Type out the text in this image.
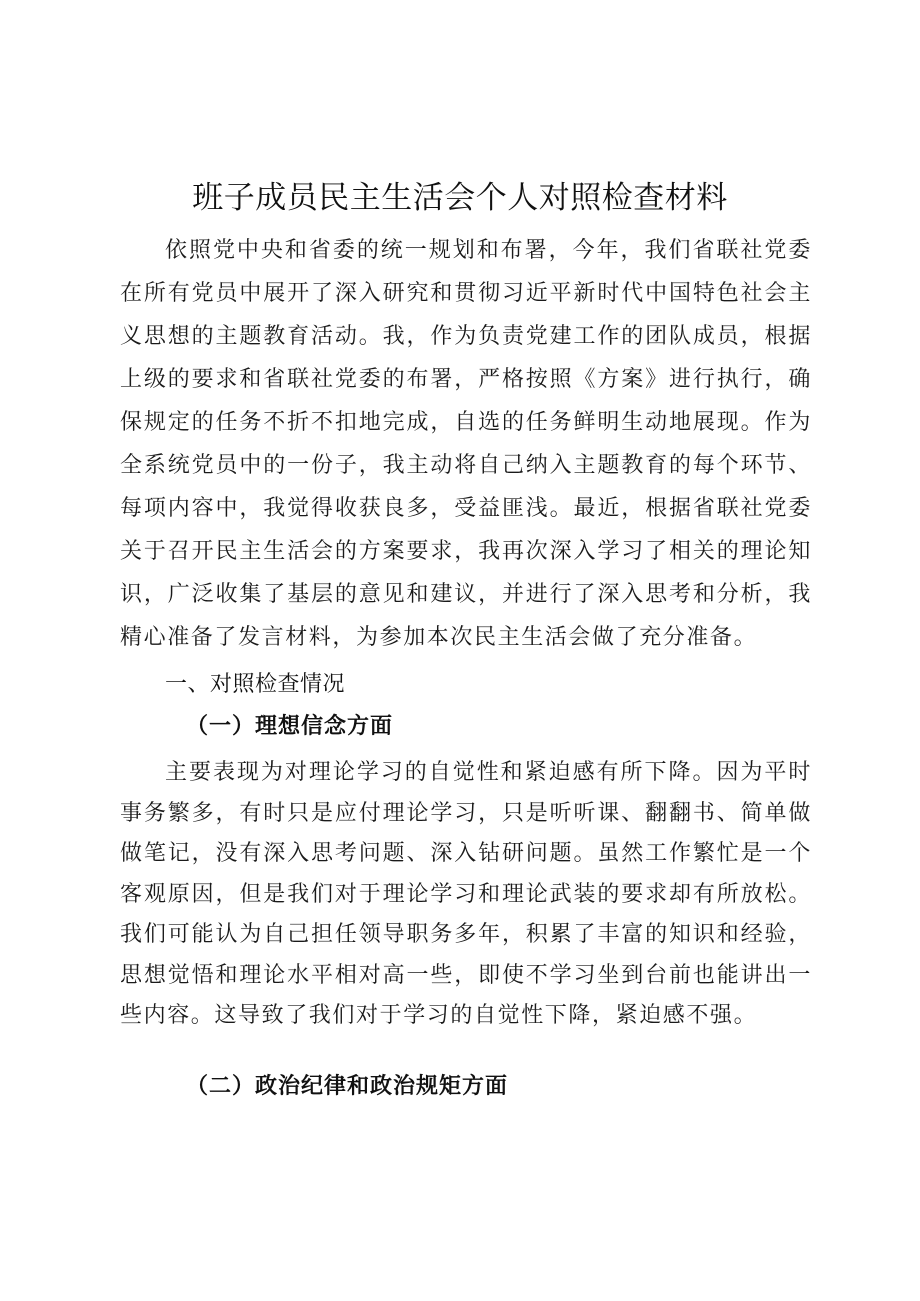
班子成员民主生活会个人对照检查材料

依照党中央和省委的统一规划和布署，今年，我们省联社党委在所有党员中展开了深入研究和贯彻习近平新时代中国特色社会主义思想的主题教育活动。我，作为负责党建工作的团队成员，根据上级的要求和省联社党委的布署，严格按照《方案》进行执行，确保规定的任务不折不扣地完成，自选的任务鲜明生动地展现。作为全系统党员中的一份子，我主动将自己纳入主题教育的每个环节、每项内容中，我觉得收获良多，受益匪浅。最近，根据省联社党委关于召开民主生活会的方案要求，我再次深入学习了相关的理论知识，广泛收集了基层的意见和建议，并进行了深入思考和分析，我精心准备了发言材料，为参加本次民主生活会做了充分准备。

一、对照检查情况
（一）理想信念方面

主要表现为对理论学习的自觉性和紧迫感有所下降。因为平时事务繁多，有时只是应付理论学习，只是听听课、翻翻书、简单做做笔记，没有深入思考问题、深入钻研问题。虽然工作繁忙是一个客观原因，但是我们对于理论学习和理论武装的要求却有所放松。我们可能认为自己担任领导职务多年，积累了丰富的知识和经验，思想觉悟和理论水平相对高一些，即使不学习坐到台前也能讲出一些内容。这导致了我们对于学习的自觉性下降，紧迫感不强。

（二）政治纪律和政治规矩方面
